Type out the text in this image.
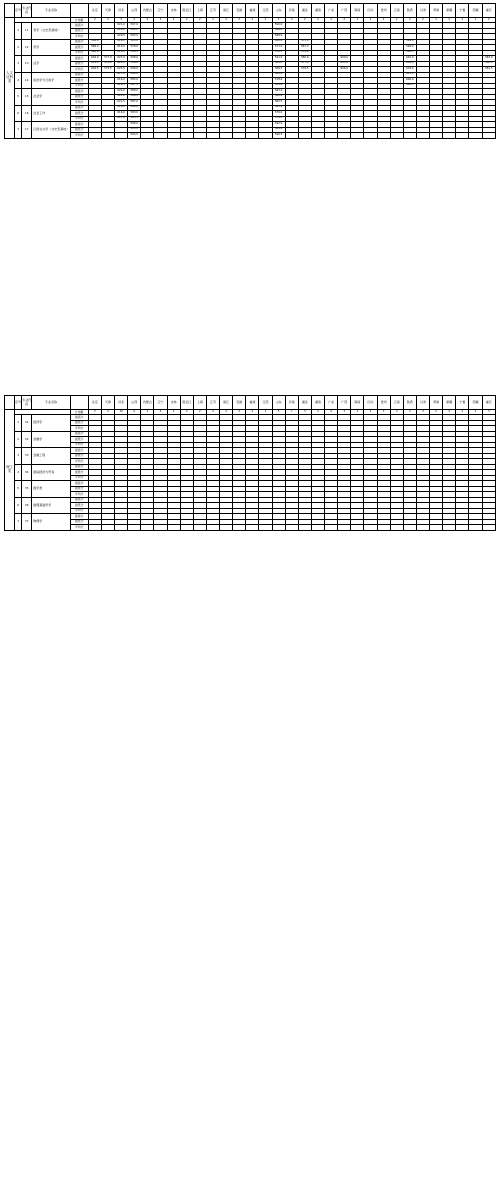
	序号	专业代码	专业名称		北京	天津	河北	山西	内蒙古	辽宁	吉林	黑龙江	上海	江苏	浙江	安徽	福建	江西	山东	河南	湖北	湖南	广东	广西	海南	四川	贵州	云南	陕西	甘肃	青海	新疆	宁夏	西藏	重庆
人文社科类				计划数	2	2	3	2	5	2	2	2	2	3	3	2	2	2	2	3	2	2	3	2	2	2	2	2	2	2	1	2	1	1	2
	1	11	哲学（文史哲基地）	最高分			621.0	597.0											590.0																
				最低分			620.0	590.0											586.0																
				平均分			620.5	593.5											588.0																
	2	12	哲学	最高分	586.0		619.0	583.0											582.0		573.0								599.0						
				最低分	586.0		619.0	578.0											571.0		567.0								598.0						
				平均分	586.0		619.0	580.5											576.5		570.0								598.5						
	3	13	法学	最高分	604.0	577.0	627.0	598.0											591.0		580.0			609.0					620.0						583.0
				最低分	601.0	574.0	624.0	594.0											588.0		577.0			603.0					616.0						580.0
				平均分	602.5	575.5	625.5	596.0											589.5		578.5			606.0					618.0						581.5
	4	14	政治学与行政学	最高分			617.0	590.0											584.0										611.0						
				最低分			616.0	585.0											578.0										606.0						
				平均分			616.5	587.5											581.0										608.5						
	5	15	社会学	最高分			622.0	588.0											583.0																
				最低分			621.0	586.0											582.0																
				平均分			621.5	587.0											582.5																
	6	16	社会工作	最高分			618.0	584.0											580.0																
				最低分			616.0	583.0											579.0																
				平均分			617.0	583.5											579.5																
	7	17	汉语言文学（文史哲基地）	最高分				596.0											592.0																
				最低分				593.0											589.0																
				平均分				594.5											590.5																
	序号	专业代码	专业名称		北京	天津	河北	山西	内蒙古	辽宁	吉林	黑龙江	上海	江苏	浙江	安徽	福建	江西	山东	河南	湖北	湖南	广东	广西	海南	四川	贵州	云南	陕西	甘肃	青海	新疆	宁夏	西藏	重庆
理工类				计划数	3	4	10	6	2	4	3	4	2	4	3	4	4	3	5	7	3	3	4	3	2	3	3	3	3	3	2	4	1	2	3
	1	31	经济学	最高分																															
				最低分																															
				平均分																															
	2	32	金融学	最高分																															
				最低分																															
				平均分																															
	3	33	金融工程	最高分																															
				最低分																															
				平均分																															
	4	34	国际经济与贸易	最高分																															
				最低分																															
				平均分																															
	5	35	数学类	最高分																															
				最低分																															
				平均分																															
	6	36	数理基础科学	最高分																															
				最低分																															
				平均分																															
	7	37	物理学	最高分																															
				最低分																															
				平均分																															
